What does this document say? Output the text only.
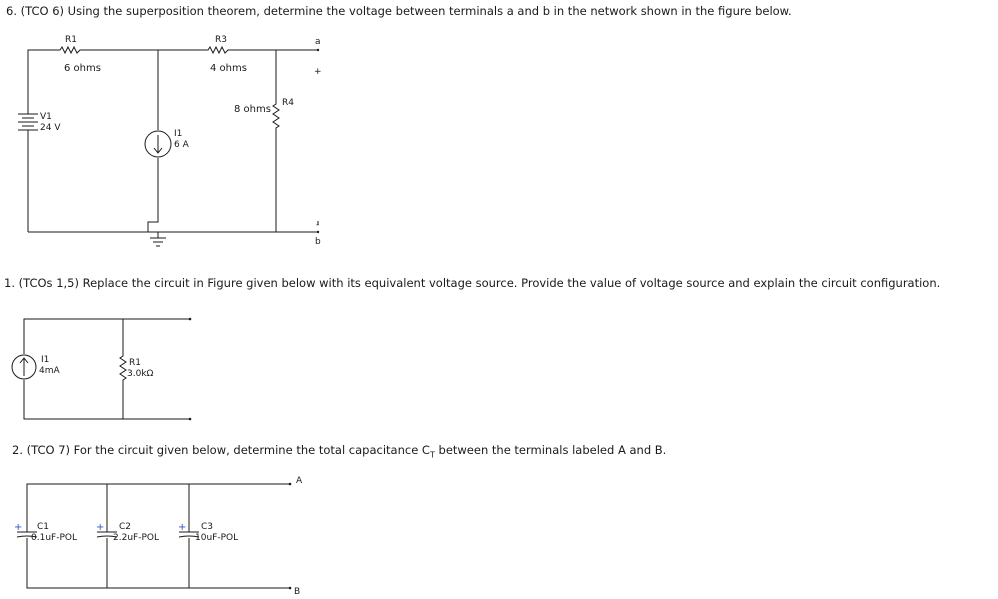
6. (TCO 6) Using the superposition theorem, determine the voltage between terminals a and b in the network shown in the figure below.
1. (TCOs 1,5) Replace the circuit in Figure given below with its equivalent voltage source. Provide the value of voltage source and explain the circuit configuration.
2. (TCO 7) For the circuit given below, determine the total capacitance $C_T$ between the terminals labeled A and B.
R1
6 ohms
R3
4 ohms
R4
8 ohms
V1
24 V
I1
6 A
a
+
-
b
I1
4mA
R1
3.0kΩ
+	+	+
C1
0.1uF-POL
C2
2.2uF-POL
C3
10uF-POL
A
B
